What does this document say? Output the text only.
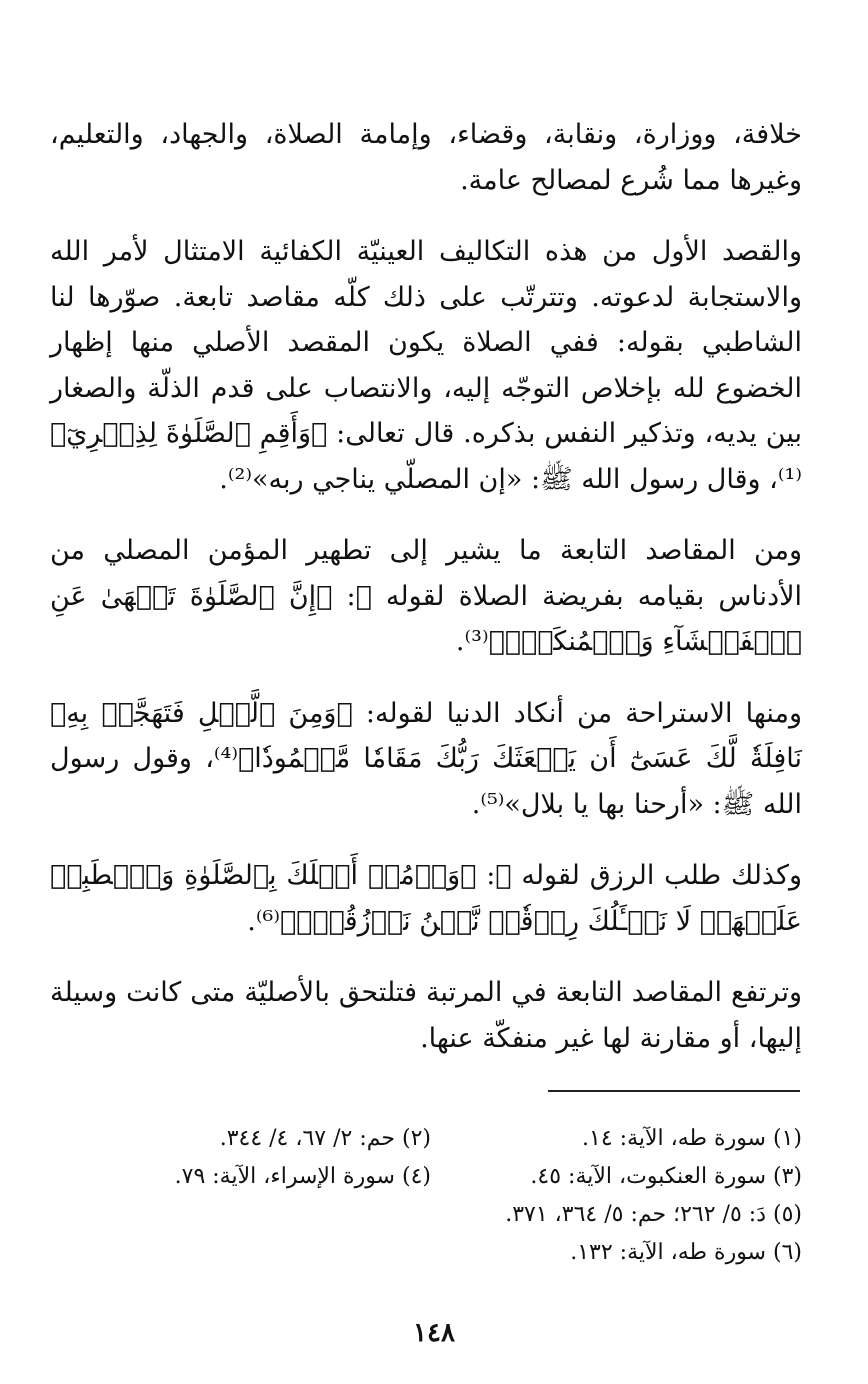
خلافة، ووزارة، ونقابة، وقضاء، وإمامة الصلاة، والجهاد، والتعليم، وغيرها مما شُرع لمصالح عامة.

والقصد الأول من هذه التكاليف العينيّة الكفائية الامتثال لأمر الله والاستجابة لدعوته. وتترتّب على ذلك كلّه مقاصد تابعة. صوّرها لنا الشاطبي بقوله: ففي الصلاة يكون المقصد الأصلي منها إظهار الخضوع لله بإخلاص التوجّه إليه، والانتصاب على قدم الذلّة والصغار بين يديه، وتذكير النفس بذكره. قال تعالى: ﴿وَأَقِمِ ٱلصَّلَوٰةَ لِذِكۡرِيٓ﴾⁽¹⁾، وقال رسول الله ﷺ: «إن المصلّي يناجي ربه»⁽²⁾.

ومن المقاصد التابعة ما يشير إلى تطهير المؤمن المصلي من الأدناس بقيامه بفريضة الصلاة لقوله ﷻ: ﴿إِنَّ ٱلصَّلَوٰةَ تَنۡهَىٰ عَنِ ٱلۡفَحۡشَآءِ وَٱلۡمُنكَرِۗ﴾⁽³⁾.

ومنها الاستراحة من أنكاد الدنيا لقوله: ﴿وَمِنَ ٱلَّيۡلِ فَتَهَجَّدۡ بِهِۦ نَافِلَةٗ لَّكَ عَسَىٰٓ أَن يَبۡعَثَكَ رَبُّكَ مَقَامٗا مَّحۡمُودٗا﴾⁽⁴⁾، وقول رسول الله ﷺ: «أرحنا بها يا بلال»⁽⁵⁾.

وكذلك طلب الرزق لقوله ﷻ: ﴿وَأۡمُرۡ أَهۡلَكَ بِٱلصَّلَوٰةِ وَٱصۡطَبِرۡ عَلَيۡهَاۖ لَا نَسۡـَٔلُكَ رِزۡقٗاۖ نَّحۡنُ نَرۡزُقُكَۗ﴾⁽⁶⁾.

وترتفع المقاصد التابعة في المرتبة فتلتحق بالأصليّة متى كانت وسيلة إليها، أو مقارنة لها غير منفكّة عنها.

(١) سورة طه، الآية: ١٤.
(٢) حم: ٢/ ٦٧، ٤/ ٣٤٤.
(٣) سورة العنكبوت، الآية: ٤٥.
(٤) سورة الإسراء، الآية: ٧٩.
(٥) دَ: ٥/ ٢٦٢؛ حم: ٥/ ٣٦٤، ٣٧١.
(٦) سورة طه، الآية: ١٣٢.
١٤٨
